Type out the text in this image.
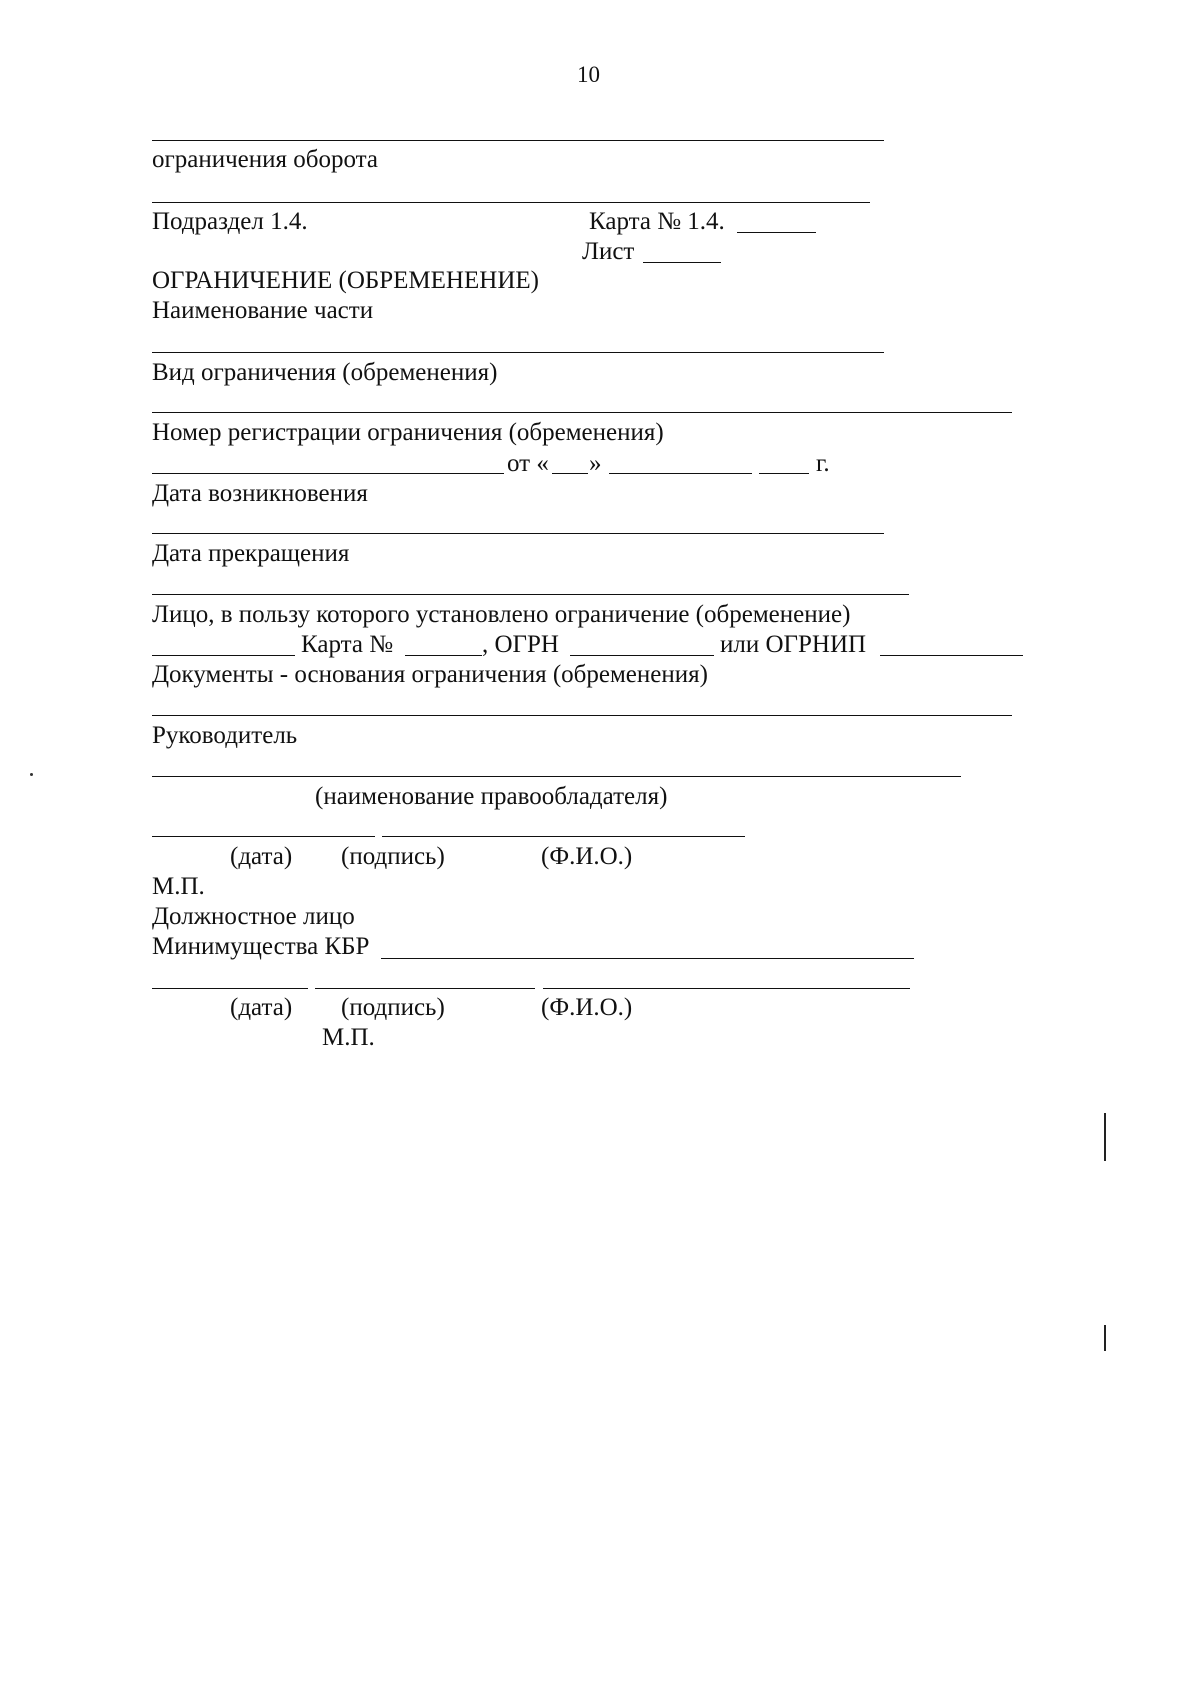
10
ограничения оборота
Подраздел 1.4.	Карта № 1.4.
Лист
ОГРАНИЧЕНИЕ (ОБРЕМЕНЕНИЕ)
Наименование части
Вид ограничения (обременения)
Номер регистрации ограничения (обременения)
от « »	г.
Дата возникновения
Дата прекращения
Лицо, в пользу которого установлено ограничение (обременение)
Карта №	, ОГРН	или ОГРНИП
Документы - основания ограничения (обременения)
Руководитель
(наименование правообладателя)
(дата) (подпись)	(Ф.И.О.)
М.П.
Должностное лицо
Минимущества КБР
(дата) (подпись)	(Ф.И.О.)
М.П.
